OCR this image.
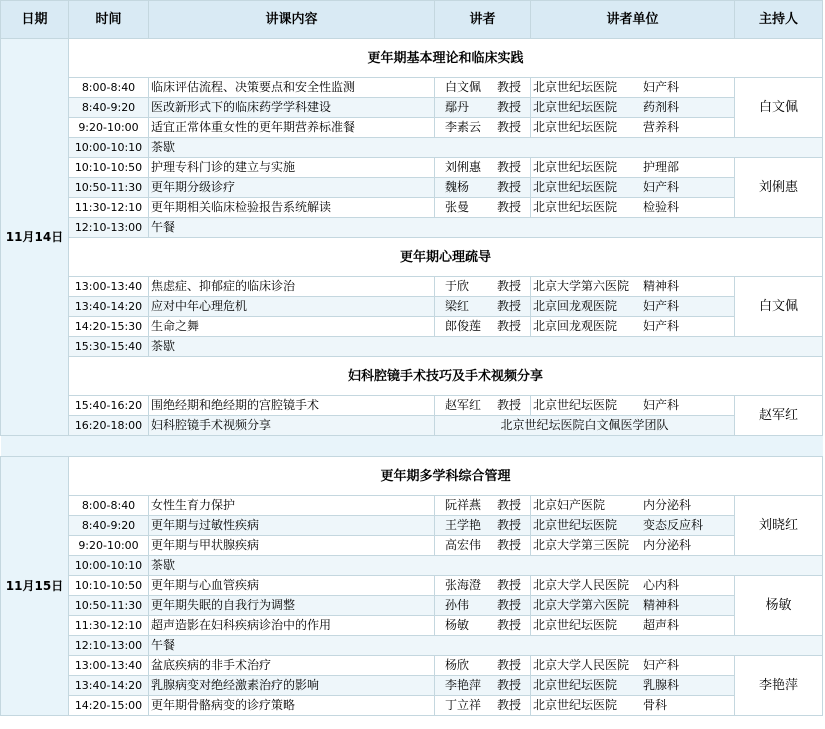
日期	时间	讲课内容	讲者	讲者单位	主持人
11月14日	更年期基本理论和临床实践				
	8:00-8:40	临床评估流程、决策要点和安全性监测	白文佩 教授	北京世纪坛医院 妇产科	白文佩
	8:40-9:20	医改新形式下的临床药学学科建设	鄢丹 教授	北京世纪坛医院 药剂科	
	9:20-10:00	适宜正常体重女性的更年期营养标准餐	李素云 教授	北京世纪坛医院 营养科	
	10:00-10:10	茶歇			
	10:10-10:50	护理专科门诊的建立与实施	刘俐惠 教授	北京世纪坛医院 护理部	刘俐惠
	10:50-11:30	更年期分级诊疗	魏杨 教授	北京世纪坛医院 妇产科	
	11:30-12:10	更年期相关临床检验报告系统解读	张曼 教授	北京世纪坛医院 检验科	
	12:10-13:00	午餐			
	更年期心理疏导				
	13:00-13:40	焦虑症、抑郁症的临床诊治	于欣 教授	北京大学第六医院 精神科	白文佩
	13:40-14:20	应对中年心理危机	梁红 教授	北京回龙观医院 妇产科	
	14:20-15:30	生命之舞	郎俊莲 教授	北京回龙观医院 妇产科	
	15:30-15:40	茶歇			
	妇科腔镜手术技巧及手术视频分享				
	15:40-16:20	围绝经期和绝经期的宫腔镜手术	赵军红 教授	北京世纪坛医院 妇产科	赵军红
	16:20-18:00	妇科腔镜手术视频分享	北京世纪坛医院白文佩医学团队		

11月15日	更年期多学科综合管理				
	8:00-8:40	女性生育力保护	阮祥燕 教授	北京妇产医院 内分泌科	刘晓红
	8:40-9:20	更年期与过敏性疾病	王学艳 教授	北京世纪坛医院 变态反应科	
	9:20-10:00	更年期与甲状腺疾病	高宏伟 教授	北京大学第三医院 内分泌科	
	10:00-10:10	茶歇			
	10:10-10:50	更年期与心血管疾病	张海澄 教授	北京大学人民医院 心内科	杨敏
	10:50-11:30	更年期失眠的自我行为调整	孙伟 教授	北京大学第六医院 精神科	
	11:30-12:10	超声造影在妇科疾病诊治中的作用	杨敏 教授	北京世纪坛医院 超声科	
	12:10-13:00	午餐			
	13:00-13:40	盆底疾病的非手术治疗	杨欣 教授	北京大学人民医院 妇产科	李艳萍
	13:40-14:20	乳腺病变对绝经激素治疗的影响	李艳萍 教授	北京世纪坛医院 乳腺科	
	14:20-15:00	更年期骨骼病变的诊疗策略	丁立祥 教授	北京世纪坛医院 骨科	
